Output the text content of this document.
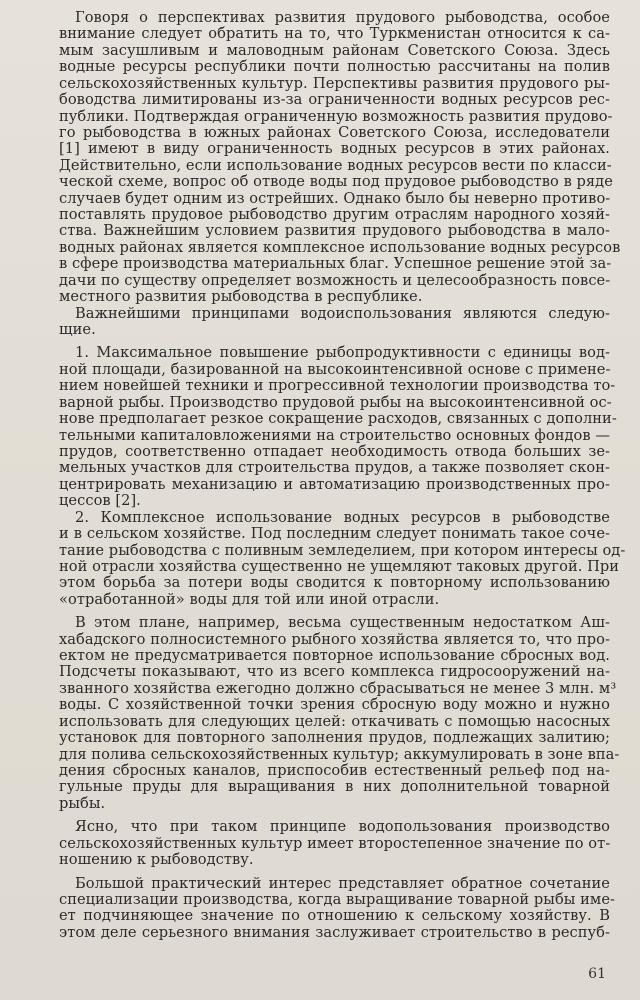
Говоря о перспективах развития прудового рыбоводства, особое
внимание следует обратить на то, что Туркменистан относится к са-
мым засушливым и маловодным районам Советского Союза. Здесь
водные ресурсы республики почти полностью рассчитаны на полив
сельскохозяйственных культур. Перспективы развития прудового ры-
боводства лимитированы из-за ограниченности водных ресурсов рес-
публики. Подтверждая ограниченную возможность развития прудово-
го рыбоводства в южных районах Советского Союза, исследователи
[1] имеют в виду ограниченность водных ресурсов в этих районах.
Действительно, если использование водных ресурсов вести по класси-
ческой схеме, вопрос об отводе воды под прудовое рыбоводство в ряде
случаев будет одним из острейших. Однако было бы неверно противо-
поставлять прудовое рыбоводство другим отраслям народного хозяй-
ства. Важнейшим условием развития прудового рыбоводства в мало-
водных районах является комплексное использование водных ресурсов
в сфере производства материальных благ. Успешное решение этой за-
дачи по существу определяет возможность и целесообразность повсе-
местного развития рыбоводства в республике.
Важнейшими принципами водоиспользования являются следую-
щие.
1. Максимальное повышение рыбопродуктивности с единицы вод-
ной площади, базированной на высокоинтенсивной основе с примене-
нием новейшей техники и прогрессивной технологии производства то-
варной рыбы. Производство прудовой рыбы на высокоинтенсивной ос-
нове предполагает резкое сокращение расходов, связанных с дополни-
тельными капиталовложениями на строительство основных фондов —
прудов, соответственно отпадает необходимость отвода больших зе-
мельных участков для строительства прудов, а также позволяет скон-
центрировать механизацию и автоматизацию производственных про-
цессов [2].
2. Комплексное использование водных ресурсов в рыбоводстве
и в сельском хозяйстве. Под последним следует понимать такое соче-
тание рыбоводства с поливным земледелием, при котором интересы од-
ной отрасли хозяйства существенно не ущемляют таковых другой. При
этом борьба за потери воды сводится к повторному использованию
«отработанной» воды для той или иной отрасли.
В этом плане, например, весьма существенным недостатком Аш-
хабадского полносистемного рыбного хозяйства является то, что про-
ектом не предусматривается повторное использование сбросных вод.
Подсчеты показывают, что из всего комплекса гидросооружений на-
званного хозяйства ежегодно должно сбрасываться не менее 3 млн. м³
воды. С хозяйственной точки зрения сбросную воду можно и нужно
использовать для следующих целей: откачивать с помощью насосных
установок для повторного заполнения прудов, подлежащих залитию;
для полива сельскохозяйственных культур; аккумулировать в зоне впа-
дения сбросных каналов, приспособив естественный рельеф под на-
гульные пруды для выращивания в них дополнительной товарной
рыбы.
Ясно, что при таком принципе водопользования производство
сельскохозяйственных культур имеет второстепенное значение по от-
ношению к рыбоводству.
Большой практический интерес представляет обратное сочетание
специализации производства, когда выращивание товарной рыбы име-
ет подчиняющее значение по отношению к сельскому хозяйству. В
этом деле серьезного внимания заслуживает строительство в респуб-
61
